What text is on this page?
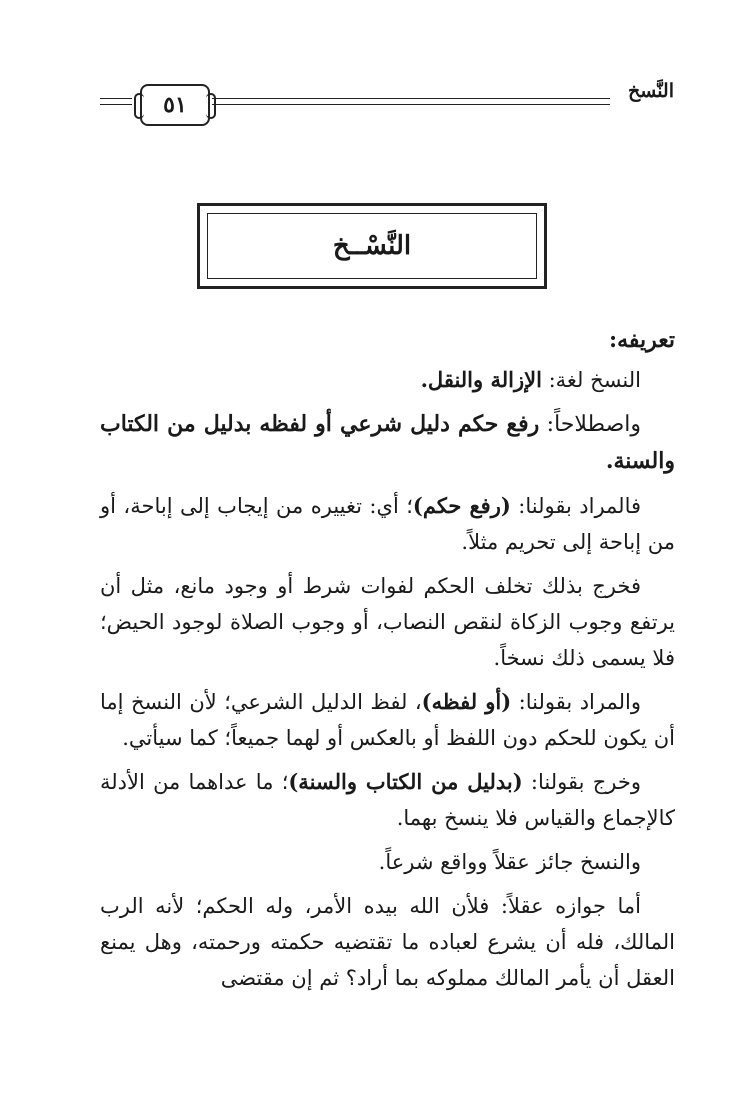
النَّسخ
٥١
النَّسْــخ

تعريفه:

النسخ لغة: الإزالة والنقل.

واصطلاحاً: رفع حكم دليل شرعي أو لفظه بدليل من الكتاب والسنة.

فالمراد بقولنا: (رفع حكم)؛ أي: تغييره من إيجاب إلى إباحة، أو من إباحة إلى تحريم مثلاً.

فخرج بذلك تخلف الحكم لفوات شرط أو وجود مانع، مثل أن يرتفع وجوب الزكاة لنقص النصاب، أو وجوب الصلاة لوجود الحيض؛ فلا يسمى ذلك نسخاً.

والمراد بقولنا: (أو لفظه)، لفظ الدليل الشرعي؛ لأن النسخ إما أن يكون للحكم دون اللفظ أو بالعكس أو لهما جميعاً؛ كما سيأتي.

وخرج بقولنا: (بدليل من الكتاب والسنة)؛ ما عداهما من الأدلة كالإجماع والقياس فلا ينسخ بهما.

والنسخ جائز عقلاً وواقع شرعاً.

أما جوازه عقلاً: فلأن الله بيده الأمر، وله الحكم؛ لأنه الرب المالك، فله أن يشرع لعباده ما تقتضيه حكمته ورحمته، وهل يمنع العقل أن يأمر المالك مملوكه بما أراد؟ ثم إن مقتضى
